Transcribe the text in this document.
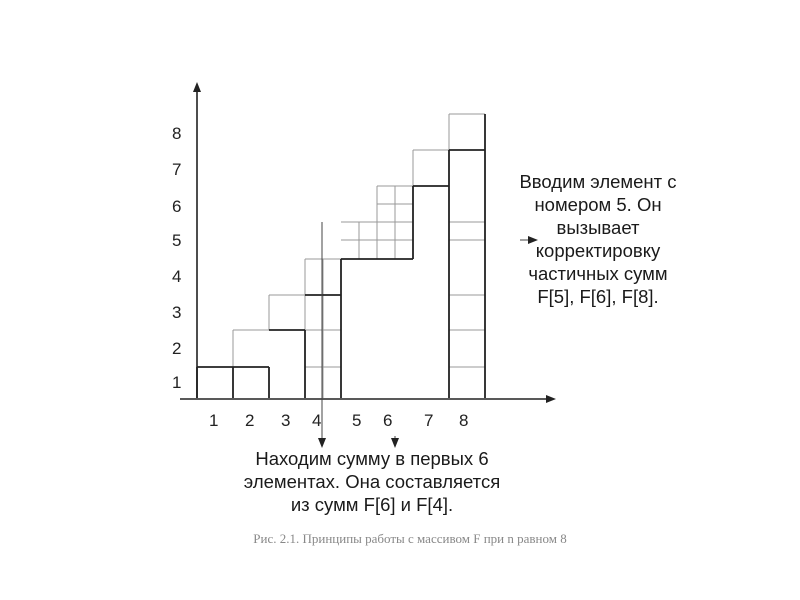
1
2
3
4
5
6
7
8
1 2 3 4 5 6 7 8
Вводим элемент с
номером 5. Он
вызывает
корректировку
частичных сумм
F[5], F[6], F[8].
Находим сумму в первых 6
элементах. Она составляется
из сумм F[6] и F[4].
Рис. 2.1. Принципы работы с массивом F при n равном 8
